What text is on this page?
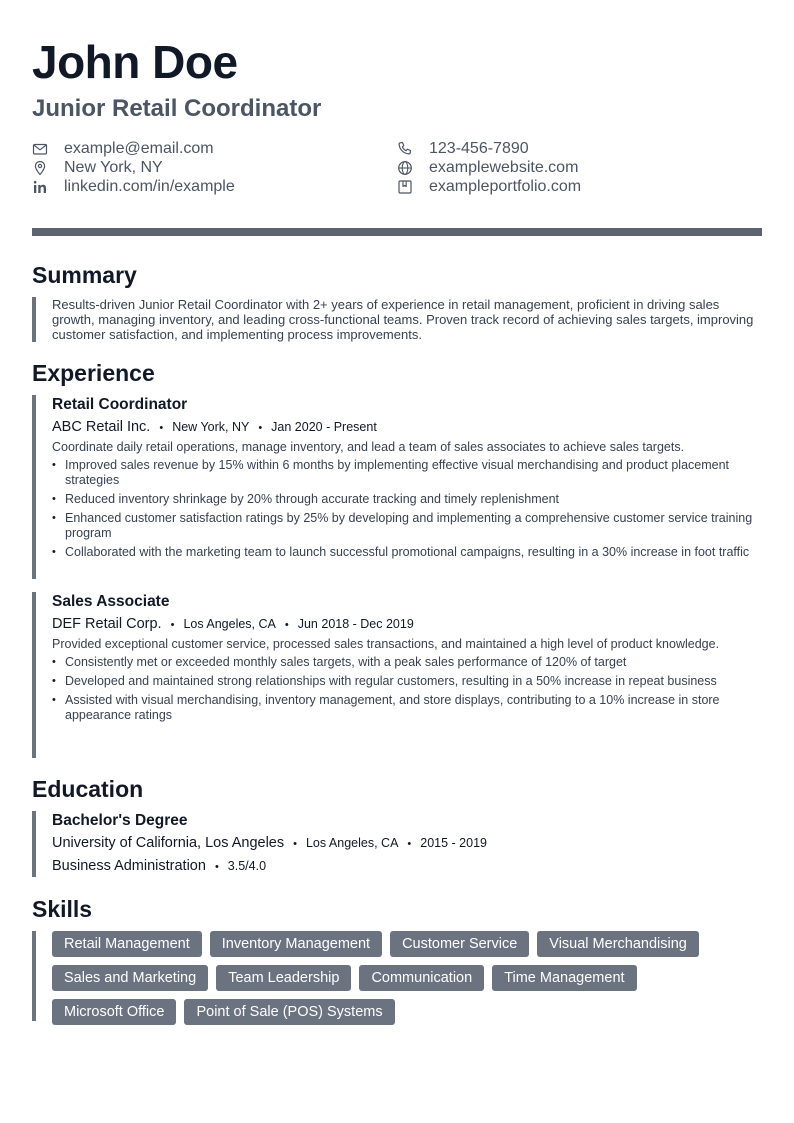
John Doe
Junior Retail Coordinator
example@email.com
New York, NY
linkedin.com/in/example
123-456-7890
examplewebsite.com
exampleportfolio.com
Summary

Results-driven Junior Retail Coordinator with 2+ years of experience in retail management, proficient in driving sales growth, managing inventory, and leading cross-functional teams. Proven track record of achieving sales targets, improving customer satisfaction, and implementing process improvements.

Experience
Retail Coordinator
ABC Retail Inc. • New York, NY • Jan 2020 - Present
Coordinate daily retail operations, manage inventory, and lead a team of sales associates to achieve sales targets.
• Improved sales revenue by 15% within 6 months by implementing effective visual merchandising and product placement strategies
• Reduced inventory shrinkage by 20% through accurate tracking and timely replenishment
• Enhanced customer satisfaction ratings by 25% by developing and implementing a comprehensive customer service training program
• Collaborated with the marketing team to launch successful promotional campaigns, resulting in a 30% increase in foot traffic
Sales Associate
DEF Retail Corp. • Los Angeles, CA • Jun 2018 - Dec 2019
Provided exceptional customer service, processed sales transactions, and maintained a high level of product knowledge.
• Consistently met or exceeded monthly sales targets, with a peak sales performance of 120% of target
• Developed and maintained strong relationships with regular customers, resulting in a 50% increase in repeat business
• Assisted with visual merchandising, inventory management, and store displays, contributing to a 10% increase in store appearance ratings
Education
Bachelor's Degree
University of California, Los Angeles • Los Angeles, CA • 2015 - 2019
Business Administration • 3.5/4.0
Skills
Retail Management	Inventory Management	Customer Service	Visual Merchandising
Sales and Marketing	Team Leadership	Communication	Time Management
Microsoft Office	Point of Sale (POS) Systems
